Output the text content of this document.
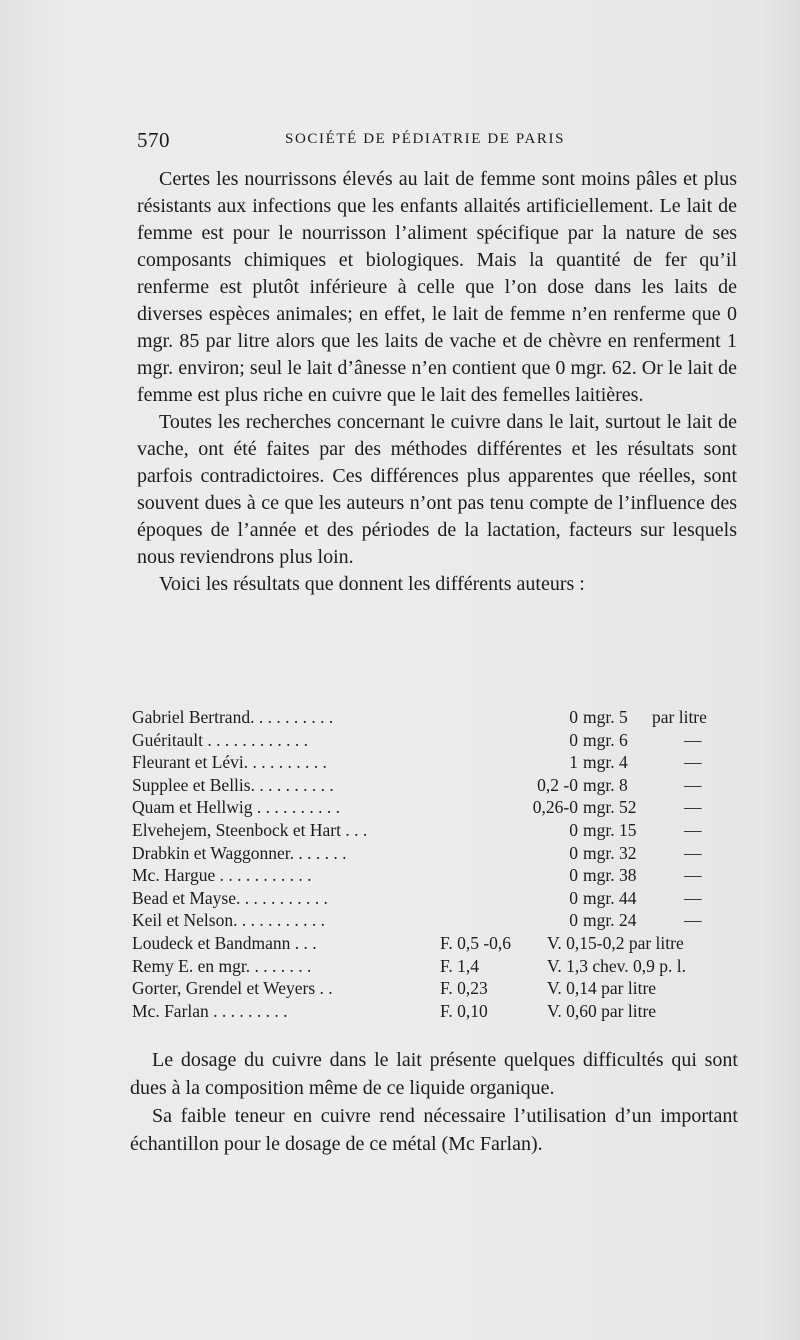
570	SOCIÉTÉ DE PÉDIATRIE DE PARIS

Certes les nourrissons élevés au lait de femme sont moins pâles et plus résistants aux infections que les enfants allaités artificiellement. Le lait de femme est pour le nourrisson l’aliment spécifique par la nature de ses composants chimiques et biologiques. Mais la quantité de fer qu’il renferme est plutôt inférieure à celle que l’on dose dans les laits de diverses espèces animales; en effet, le lait de femme n’en renferme que 0 mgr. 85 par litre alors que les laits de vache et de chèvre en renferment 1 mgr. environ; seul le lait d’ânesse n’en contient que 0 mgr. 62. Or le lait de femme est plus riche en cuivre que le lait des femelles laitières.

Toutes les recherches concernant le cuivre dans le lait, surtout le lait de vache, ont été faites par des méthodes différentes et les résultats sont parfois contradictoires. Ces différences plus apparentes que réelles, sont souvent dues à ce que les auteurs n’ont pas tenu compte de l’influence des époques de l’année et des périodes de la lactation, facteurs sur lesquels nous reviendrons plus loin.

Voici les résultats que donnent les différents auteurs :

Gabriel Bertrand. . . . . . . . . .	0 mgr. 5 par litre
Guéritault . . . . . . . . . . . .	0 mgr. 6	—
Fleurant et Lévi. . . . . . . . . .	1 mgr. 4	—
Supplee et Bellis. . . . . . . . . .	0,2 -0 mgr. 8	—
Quam et Hellwig . . . . . . . . . .	0,26-0 mgr. 52	—
Elvehejem, Steenbock et Hart . . .	0 mgr. 15	—
Drabkin et Waggonner. . . . . . .	0 mgr. 32	—
Mc. Hargue . . . . . . . . . . .	0 mgr. 38	—
Bead et Mayse. . . . . . . . . . .	0 mgr. 44	—
Keil et Nelson. . . . . . . . . . .	0 mgr. 24	—
Loudeck et Bandmann . . .	F. 0,5 -0,6 V. 0,15-0,2 par litre
Remy E. en mgr. . . . . . . .	F. 1,4	V. 1,3 chev. 0,9 p. l.
Gorter, Grendel et Weyers . .	F. 0,23	V. 0,14 par litre
Mc. Farlan . . . . . . . . .	F. 0,10	V. 0,60 par litre

Le dosage du cuivre dans le lait présente quelques difficultés qui sont dues à la composition même de ce liquide organique.

Sa faible teneur en cuivre rend nécessaire l’utilisation d’un important échantillon pour le dosage de ce métal (Mc Farlan).
